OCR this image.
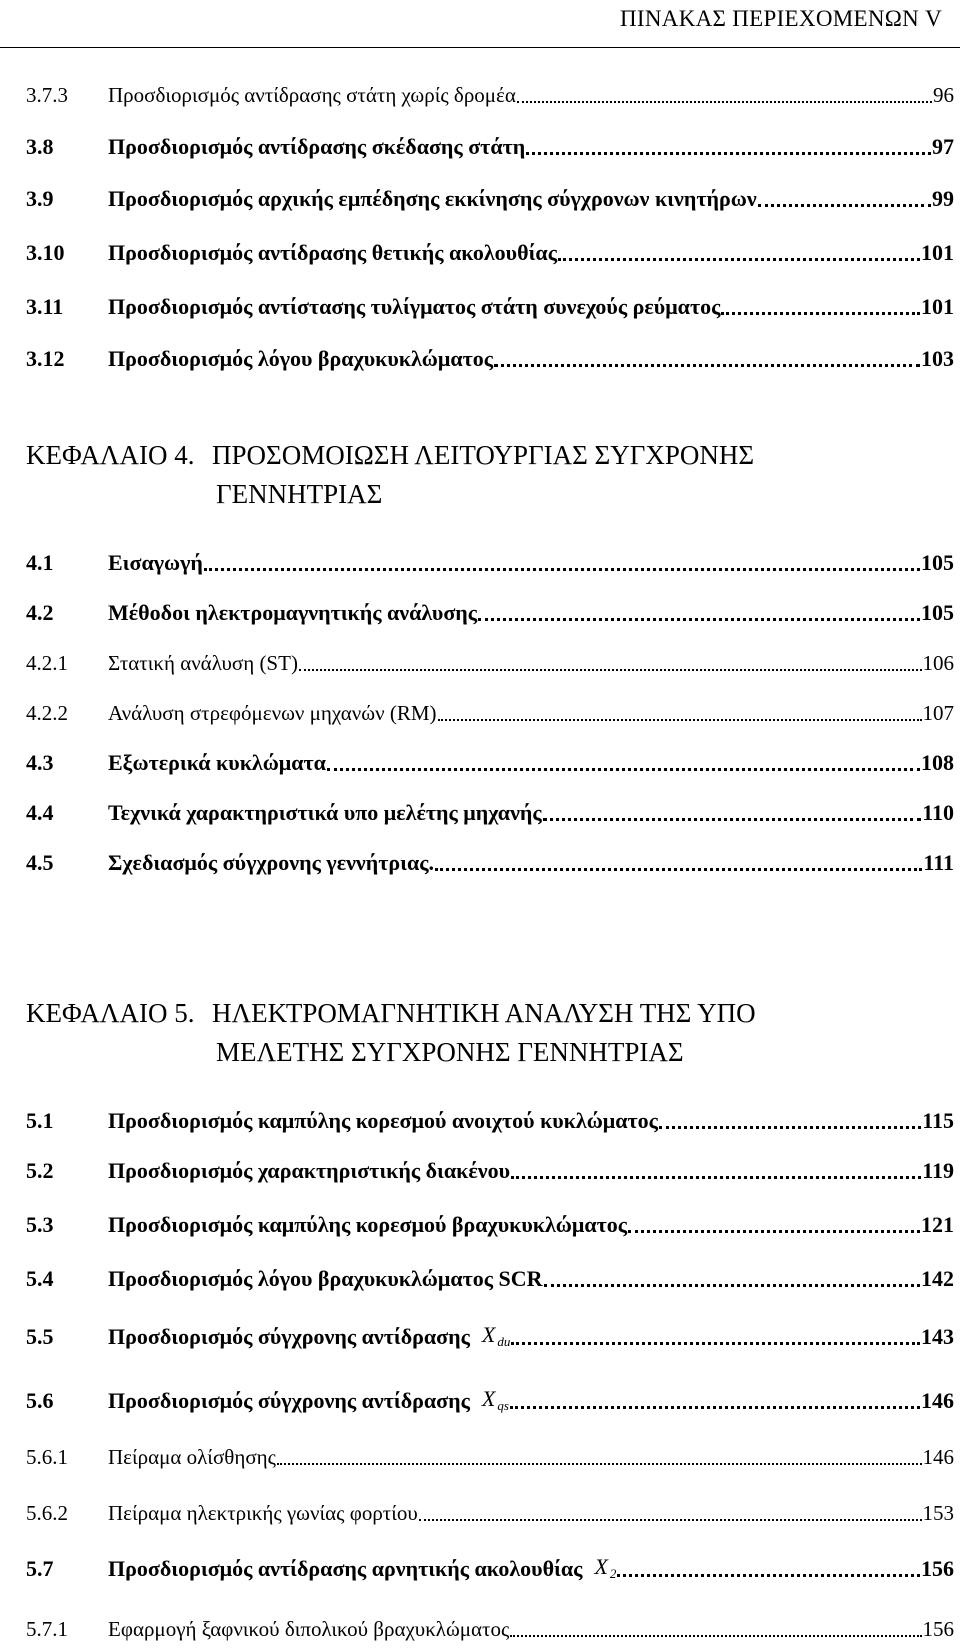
ΠΙΝΑΚΑΣ ΠΕΡΙΕΧΟΜΕΝΩΝ V
3.7.3	Προσδιορισμός αντίδρασης στάτη χωρίς δρομέα	96
3.8	Προσδιορισμός αντίδρασης σκέδασης στάτη	97
3.9	Προσδιορισμός αρχικής εμπέδησης εκκίνησης σύγχρονων κινητήρων	99
3.10	Προσδιορισμός αντίδρασης θετικής ακολουθίας	101
3.11	Προσδιορισμός αντίστασης τυλίγματος στάτη συνεχούς ρεύματος	101
3.12	Προσδιορισμός λόγου βραχυκυκλώματος	103
ΚΕΦΑΛΑΙΟ 4. ΠΡΟΣΟΜΟΙΩΣΗ ΛΕΙΤΟΥΡΓΙΑΣ ΣΥΓΧΡΟΝΗΣ
ΓΕΝΝΗΤΡΙΑΣ
4.1	Εισαγωγή	105
4.2	Μέθοδοι ηλεκτρομαγνητικής ανάλυσης	105
4.2.1	Στατική ανάλυση (ST)	106
4.2.2	Ανάλυση στρεφόμενων μηχανών (RM)	107
4.3	Εξωτερικά κυκλώματα	108
4.4	Τεχνικά χαρακτηριστικά υπο μελέτης μηχανής	110
4.5	Σχεδιασμός σύγχρονης γεννήτριας.	111
ΚΕΦΑΛΑΙΟ 5. ΗΛΕΚΤΡΟΜΑΓΝΗΤΙΚΗ ΑΝΑΛΥΣΗ ΤΗΣ ΥΠΟ
ΜΕΛΕΤΗΣ ΣΥΓΧΡΟΝΗΣ ΓΕΝΝΗΤΡΙΑΣ
5.1	Προσδιορισμός καμπύλης κορεσμού ανοιχτού κυκλώματος	115
5.2	Προσδιορισμός χαρακτηριστικής διακένου	119
5.3	Προσδιορισμός καμπύλης κορεσμού βραχυκυκλώματος	121
5.4	Προσδιορισμός λόγου βραχυκυκλώματος SCR	142
5.5	Προσδιορισμός σύγχρονης αντίδρασης X $_{du}$	143
5.6	Προσδιορισμός σύγχρονης αντίδρασης X $_{qs}$	146
5.6.1	Πείραμα ολίσθησης	146
5.6.2	Πείραμα ηλεκτρικής γωνίας φορτίου	153
5.7	Προσδιορισμός αντίδρασης αρνητικής ακολουθίας X $_2$	156
5.7.1	Εφαρμογή ξαφνικού διπολικού βραχυκλώματος	156
